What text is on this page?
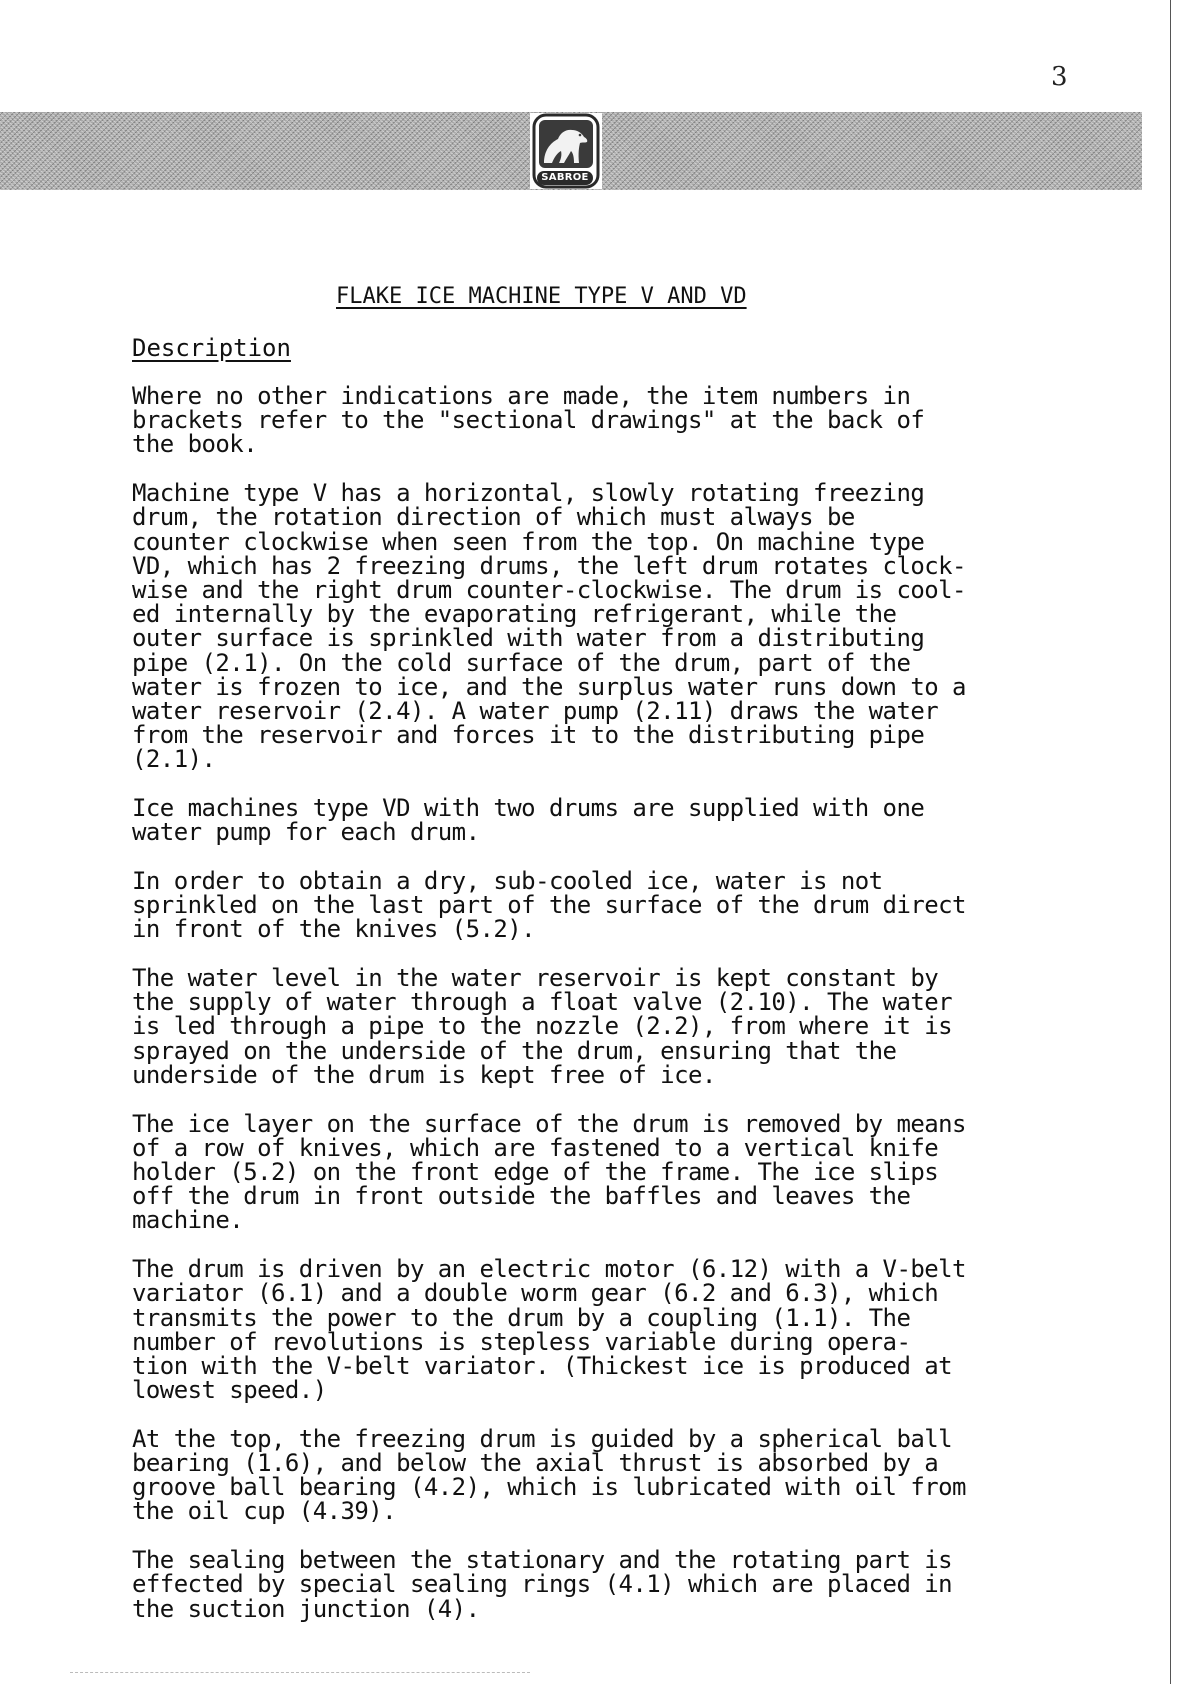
3
SABROE
FLAKE ICE MACHINE TYPE V AND VD
Description

Where no other indications are made, the item numbers in
brackets refer to the "sectional drawings" at the back of
the book.

Machine type V has a horizontal, slowly rotating freezing
drum, the rotation direction of which must always be
counter clockwise when seen from the top. On machine type
VD, which has 2 freezing drums, the left drum rotates clock-
wise and the right drum counter-clockwise. The drum is cool-
ed internally by the evaporating refrigerant, while the
outer surface is sprinkled with water from a distributing
pipe (2.1). On the cold surface of the drum, part of the
water is frozen to ice, and the surplus water runs down to a
water reservoir (2.4). A water pump (2.11) draws the water
from the reservoir and forces it to the distributing pipe
(2.1).

Ice machines type VD with two drums are supplied with one
water pump for each drum.

In order to obtain a dry, sub-cooled ice, water is not
sprinkled on the last part of the surface of the drum direct
in front of the knives (5.2).

The water level in the water reservoir is kept constant by
the supply of water through a float valve (2.10). The water
is led through a pipe to the nozzle (2.2), from where it is
sprayed on the underside of the drum, ensuring that the
underside of the drum is kept free of ice.

The ice layer on the surface of the drum is removed by means
of a row of knives, which are fastened to a vertical knife
holder (5.2) on the front edge of the frame. The ice slips
off the drum in front outside the baffles and leaves the
machine.

The drum is driven by an electric motor (6.12) with a V-belt
variator (6.1) and a double worm gear (6.2 and 6.3), which
transmits the power to the drum by a coupling (1.1). The
number of revolutions is stepless variable during opera-
tion with the V-belt variator. (Thickest ice is produced at
lowest speed.)

At the top, the freezing drum is guided by a spherical ball
bearing (1.6), and below the axial thrust is absorbed by a
groove ball bearing (4.2), which is lubricated with oil from
the oil cup (4.39).

The sealing between the stationary and the rotating part is
effected by special sealing rings (4.1) which are placed in
the suction junction (4).
